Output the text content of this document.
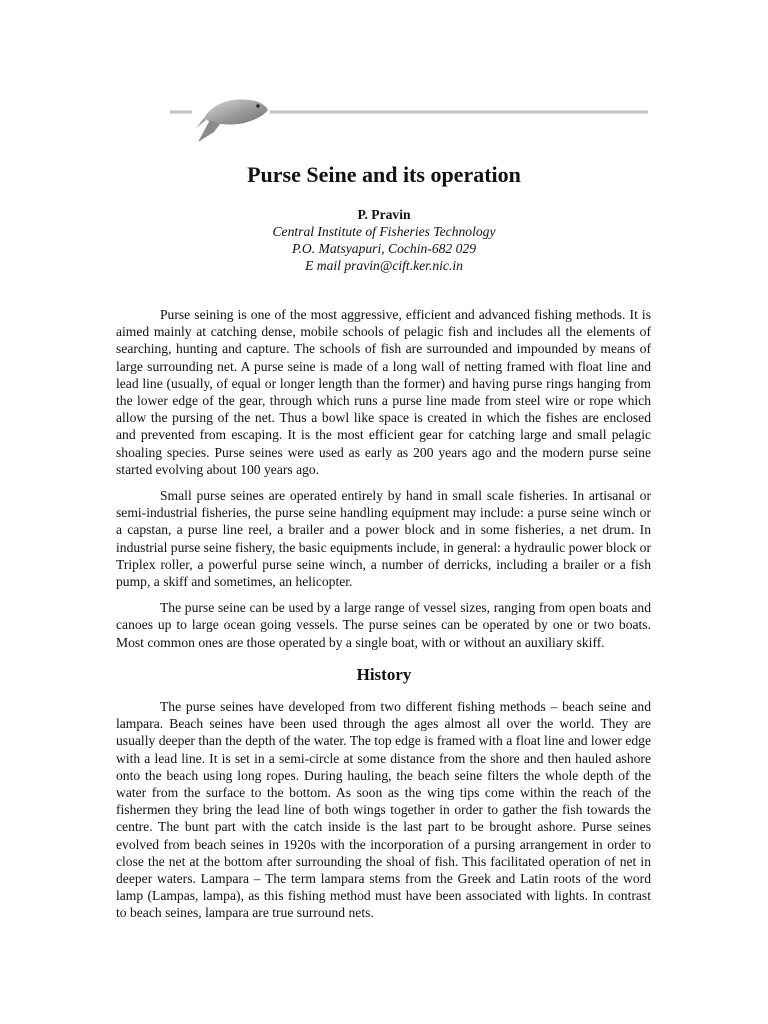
Purse Seine and its operation
P. Pravin
Central Institute of Fisheries Technology
P.O. Matsyapuri, Cochin-682 029
E mail pravin@cift.ker.nic.in

Purse seining is one of the most aggressive, efficient and advanced fishing methods. It is aimed mainly at catching dense, mobile schools of pelagic fish and includes all the elements of searching, hunting and capture. The schools of fish are surrounded and impounded by means of large surrounding net. A purse seine is made of a long wall of netting framed with float line and lead line (usually, of equal or longer length than the former) and having purse rings hanging from the lower edge of the gear, through which runs a purse line made from steel wire or rope which allow the pursing of the net. Thus a bowl like space is created in which the fishes are enclosed and prevented from escaping. It is the most efficient gear for catching large and small pelagic shoaling species. Purse seines were used as early as 200 years ago and the modern purse seine started evolving about 100 years ago.

Small purse seines are operated entirely by hand in small scale fisheries. In artisanal or semi-industrial fisheries, the purse seine handling equipment may include: a purse seine winch or a capstan, a purse line reel, a brailer and a power block and in some fisheries, a net drum. In industrial purse seine fishery, the basic equipments include, in general: a hydraulic power block or Triplex roller, a powerful purse seine winch, a number of derricks, including a brailer or a fish pump, a skiff and sometimes, an helicopter.

The purse seine can be used by a large range of vessel sizes, ranging from open boats and canoes up to large ocean going vessels. The purse seines can be operated by one or two boats. Most common ones are those operated by a single boat, with or without an auxiliary skiff.

History

The purse seines have developed from two different fishing methods – beach seine and lampara. Beach seines have been used through the ages almost all over the world. They are usually deeper than the depth of the water. The top edge is framed with a float line and lower edge with a lead line. It is set in a semi-circle at some distance from the shore and then hauled ashore onto the beach using long ropes. During hauling, the beach seine filters the whole depth of the water from the surface to the bottom. As soon as the wing tips come within the reach of the fishermen they bring the lead line of both wings together in order to gather the fish towards the centre. The bunt part with the catch inside is the last part to be brought ashore. Purse seines evolved from beach seines in 1920s with the incorporation of a pursing arrangement in order to close the net at the bottom after surrounding the shoal of fish. This facilitated operation of net in deeper waters. Lampara – The term lampara stems from the Greek and Latin roots of the word lamp (Lampas, lampa), as this fishing method must have been associated with lights. In contrast to beach seines, lampara are true surround nets.
